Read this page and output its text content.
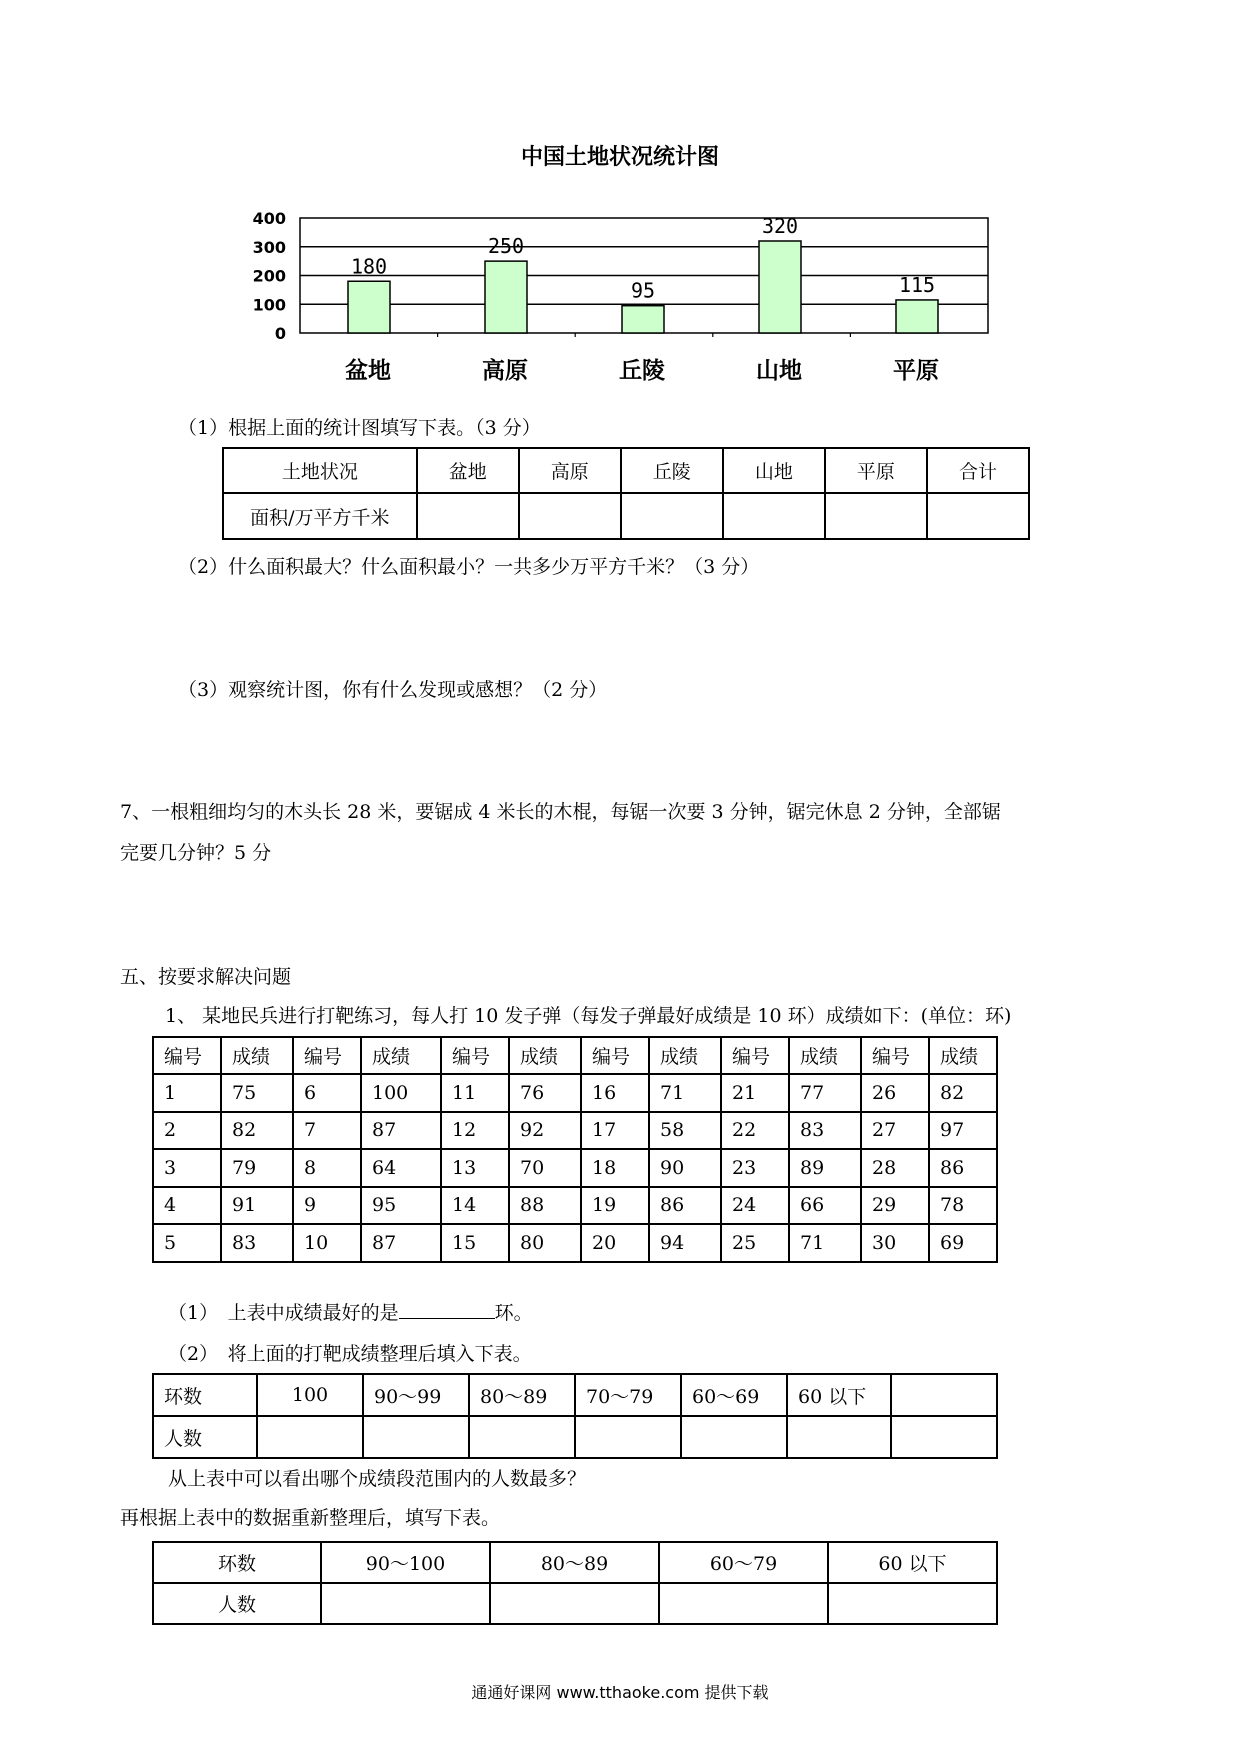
中国土地状况统计图
400
300
200
100
0
180
盆地
250
高原
95
丘陵
320
山地
115
平原
（1）根据上面的统计图填写下表。（3 分）
土地状况	盆地	高原	丘陵	山地	平原	合计
面积/万平方千米						
（2）什么面积最大？什么面积最小？一共多少万平方千米？（3 分）
（3）观察统计图，你有什么发现或感想？（2 分）
7、一根粗细均匀的木头长 28 米，要锯成 4 米长的木棍，每锯一次要 3 分钟，锯完休息 2 分钟，全部锯
完要几分钟？5 分
五、按要求解决问题
1、 某地民兵进行打靶练习，每人打 10 发子弹（每发子弹最好成绩是 10 环）成绩如下：(单位：环)
编号	成绩	编号	成绩	编号	成绩	编号	成绩	编号	成绩	编号	成绩
1	75	6	100	11	76	16	71	21	77	26	82
2	82	7	87	12	92	17	58	22	83	27	97
3	79	8	64	13	70	18	90	23	89	28	86
4	91	9	95	14	88	19	86	24	66	29	78
5	83	10	87	15	80	20	94	25	71	30	69
（1）　上表中成绩最好的是	环。
（2）　将上面的打靶成绩整理后填入下表。
环数	100	90～99	80～89	70～79	60～69	60 以下	
人数							
从上表中可以看出哪个成绩段范围内的人数最多？
再根据上表中的数据重新整理后，填写下表。
环数	90～100	80～89	60～79	60 以下
人数				
通通好课网 www.tthaoke.com 提供下载
